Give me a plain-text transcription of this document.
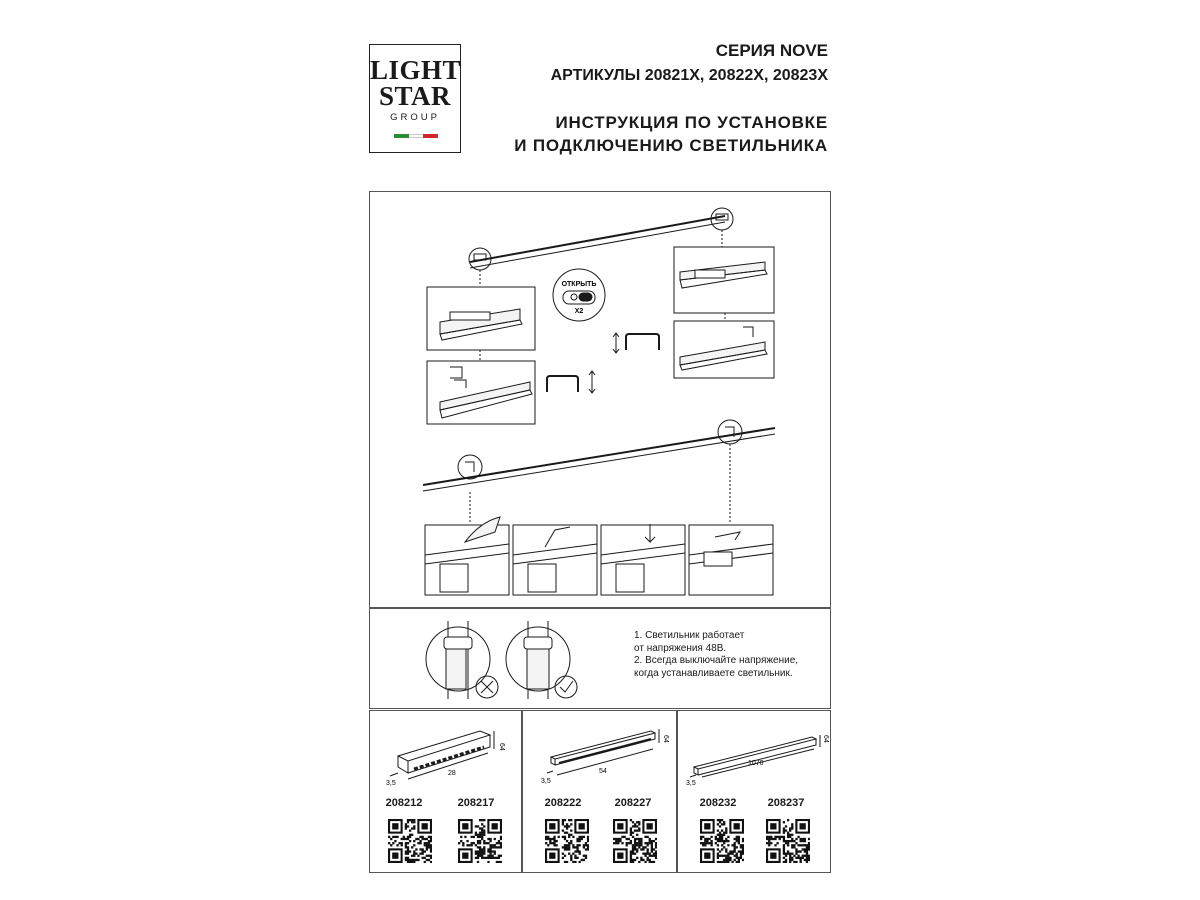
LIGHT
STAR
GROUP
СЕРИЯ NOVE
АРТИКУЛЫ 20821X, 20822X, 20823X
ИНСТРУКЦИЯ ПО УСТАНОВКЕ
И ПОДКЛЮЧЕНИЮ СВЕТИЛЬНИКА
ОТКРЫТЬ
X2
1. Светильник работает
от напряжения 48В.
2. Всегда выключайте напряжение,
когда устанавливаете светильник.
64
3,5
28
208212	208217
64
3,5
54
208222	208227
64
3,5
1070
208232	208237
